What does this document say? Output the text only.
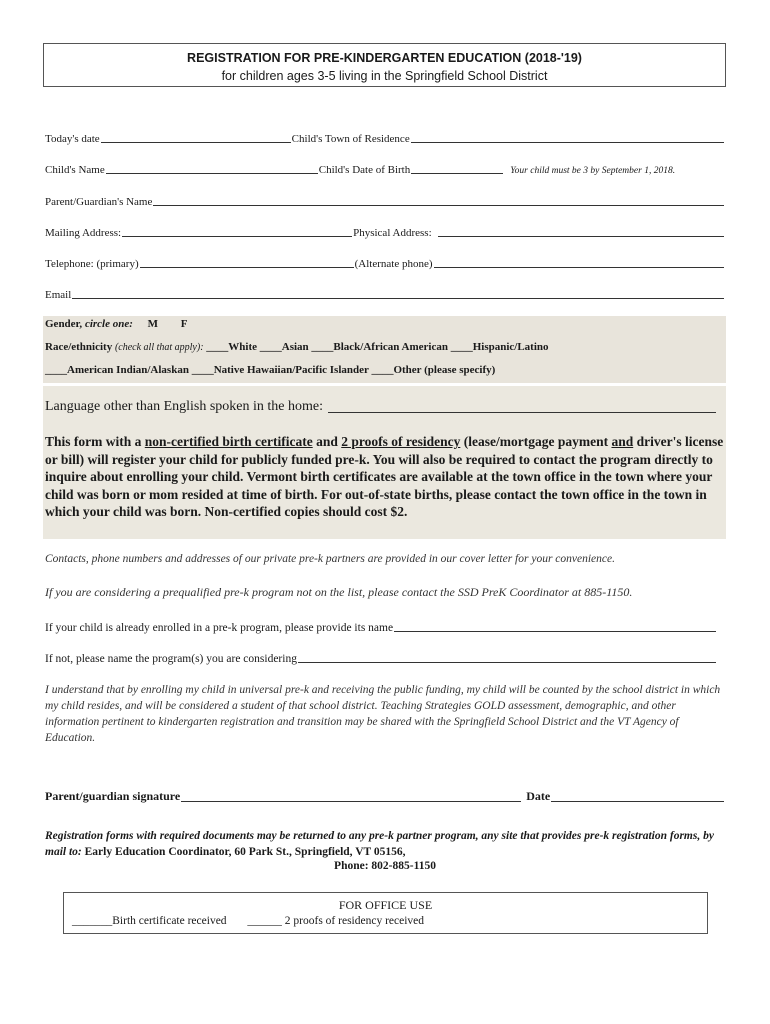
REGISTRATION FOR PRE-KINDERGARTEN EDUCATION (2018-'19)
for children ages 3-5 living in the Springfield School District
Today's date	Child's Town of Residence
Child's Name	Child's Date of Birth	Your child must be 3 by September 1, 2018.
Parent/Guardian's Name
Mailing Address:	Physical Address:
Telephone: (primary)	(Alternate phone)
Email
Gender, circle one: M F
Race/ethnicity (check all that apply): ____White ____Asian ____Black/African American ____Hispanic/Latino
____American Indian/Alaskan ____Native Hawaiian/Pacific Islander ____Other (please specify)
Language other than English spoken in the home:
This form with a non-certified birth certificate and 2 proofs of residency (lease/mortgage payment and driver's license or bill) will register your child for publicly funded pre-k. You will also be required to contact the program directly to inquire about enrolling your child. Vermont birth certificates are available at the town office in the town where your child was born or mom resided at time of birth. For out-of-state births, please contact the town office in the town in which your child was born. Non-certified copies should cost $2.
Contacts, phone numbers and addresses of our private pre-k partners are provided in our cover letter for your convenience.
If you are considering a prequalified pre-k program not on the list, please contact the SSD PreK Coordinator at 885-1150.
If your child is already enrolled in a pre-k program, please provide its name
If not, please name the program(s) you are considering
I understand that by enrolling my child in universal pre-k and receiving the public funding, my child will be counted by the school district in which my child resides, and will be considered a student of that school district. Teaching Strategies GOLD assessment, demographic, and other information pertinent to kindergarten registration and transition may be shared with the Springfield School District and the VT Agency of Education.
Parent/guardian signature	Date
Registration forms with required documents may be returned to any pre-k partner program, any site that provides pre-k registration forms, by mail to: Early Education Coordinator, 60 Park St., Springfield, VT 05156,
Phone: 802-885-1150
FOR OFFICE USE
_______Birth certificate received ______ 2 proofs of residency received
